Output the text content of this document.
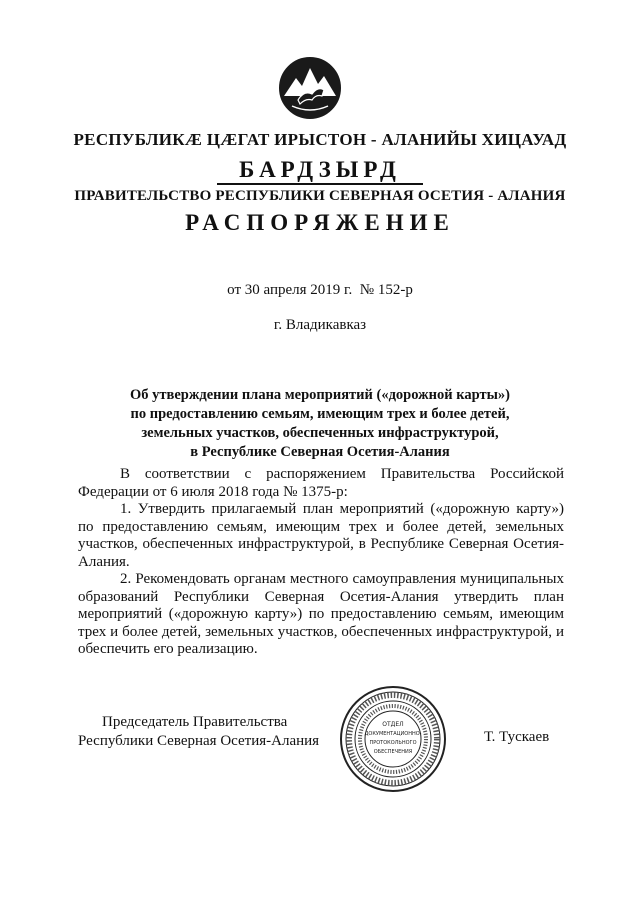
РЕСПУБЛИКӔ ЦӔГАТ ИРЫСТОН - АЛАНИЙЫ ХИЦАУАД
БАРДЗЫРД
ПРАВИТЕЛЬСТВО РЕСПУБЛИКИ СЕВЕРНАЯ ОСЕТИЯ - АЛАНИЯ
РАСПОРЯЖЕНИЕ
от 30 апреля 2019 г. № 152-р
г. Владикавказ
Об утверждении плана мероприятий («дорожной карты»)
по предоставлению семьям, имеющим трех и более детей,
земельных участков, обеспеченных инфраструктурой,
в Республике Северная Осетия-Алания

В соответствии с распоряжением Правительства Российской Федерации от 6 июля 2018 года № 1375-р:

1. Утвердить прилагаемый план мероприятий («дорожную карту») по предоставлению семьям, имеющим трех и более детей, земельных участков, обеспеченных инфраструктурой, в Республике Северная Осетия-Алания.

2. Рекомендовать органам местного самоуправления муниципальных образований Республики Северная Осетия-Алания утвердить план мероприятий («дорожную карту») по предоставлению семьям, имеющим трех и более детей, земельных участков, обеспеченных инфраструктурой, и обеспечить его реализацию.

Председатель Правительства
Республики Северная Осетия-Алания
ОТДЕЛ
ДОКУМЕНТАЦИОННО-
ПРОТОКОЛЬНОГО
ОБЕСПЕЧЕНИЯ
Т. Тускаев
